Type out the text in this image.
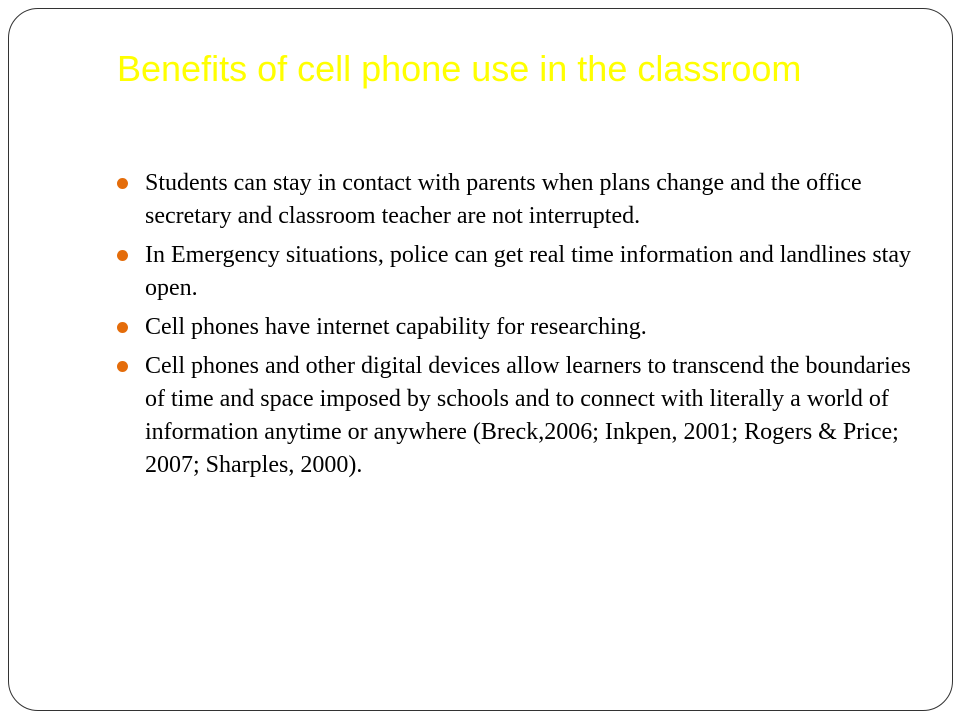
Benefits of cell phone use in the classroom
Students can stay in contact with parents when plans change and the office secretary and classroom teacher are not interrupted.
In Emergency situations, police can get real time information and landlines stay open.
Cell phones have internet capability for researching.
Cell phones and other digital devices allow learners to transcend the boundaries of time and space imposed by schools and to connect with literally a world of information anytime or anywhere (Breck,2006; Inkpen, 2001; Rogers & Price; 2007; Sharples, 2000).
